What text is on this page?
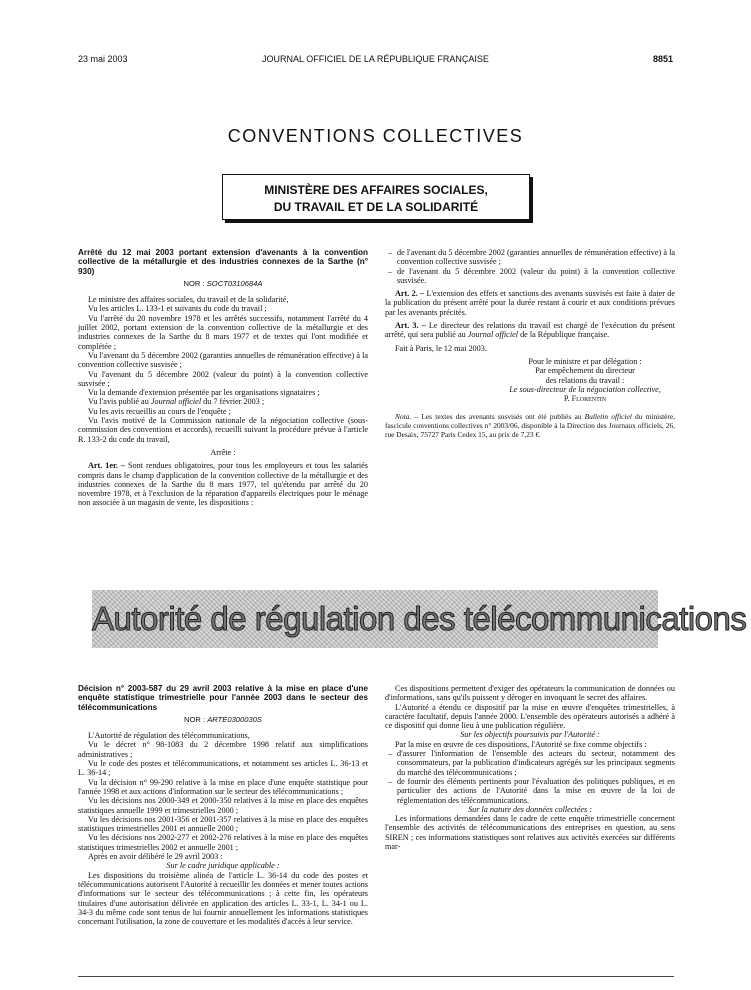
23 mai 2003	JOURNAL OFFICIEL DE LA RÉPUBLIQUE FRANÇAISE	8851
CONVENTIONS COLLECTIVES
MINISTÈRE DES AFFAIRES SOCIALES,
DU TRAVAIL ET DE LA SOLIDARITÉ

Arrêté du 12 mai 2003 portant extension d'avenants à la convention collective de la métallurgie et des industries connexes de la Sarthe (n° 930)

NOR : SOCT0310684A

Le ministre des affaires sociales, du travail et de la solidarité,

Vu les articles L. 133-1 et suivants du code du travail ;

Vu l'arrêté du 20 novembre 1978 et les arrêtés successifs, notamment l'arrêté du 4 juillet 2002, portant extension de la convention collective de la métallurgie et des industries connexes de la Sarthe du 8 mars 1977 et de textes qui l'ont modifiée et complétée ;

Vu l'avenant du 5 décembre 2002 (garanties annuelles de rémunération effective) à la convention collective susvisée ;

Vu l'avenant du 5 décembre 2002 (valeur du point) à la convention collective susvisée ;

Vu la demande d'extension présentée par les organisations signataires ;

Vu l'avis publié au Journal officiel du 7 février 2003 ;

Vu les avis recueillis au cours de l'enquête ;

Vu l'avis motivé de la Commission nationale de la négociation collective (sous-commission des conventions et accords), recueilli suivant la procédure prévue à l'article R. 133-2 du code du travail,

Arrête :

Art. 1er. – Sont rendues obligatoires, pour tous les employeurs et tous les salariés compris dans le champ d'application de la convention collective de la métallurgie et des industries connexes de la Sarthe du 8 mars 1977, tel qu'étendu par arrêté du 20 novembre 1978, et à l'exclusion de la réparation d'appareils électriques pour le ménage non associée à un magasin de vente, les dispositions :

– de l'avenant du 5 décembre 2002 (garanties annuelles de rémunération effective) à la convention collective susvisée ;
– de l'avenant du 5 décembre 2002 (valeur du point) à la convention collective susvisée.

Art. 2. – L'extension des effets et sanctions des avenants susvisés est faite à dater de la publication du présent arrêté pour la durée restant à courir et aux conditions prévues par les avenants précités.

Art. 3. – Le directeur des relations du travail est chargé de l'exécution du présent arrêté, qui sera publié au Journal officiel de la République française.

Fait à Paris, le 12 mai 2003.

Pour le ministre et par délégation :
Par empêchement du directeur
des relations du travail :
Le sous-directeur de la négociation collective,
P. Florentin

Nota. – Les textes des avenants susvisés ont été publiés au Bulletin officiel du ministère, fascicule conventions collectives n° 2003/06, disponible à la Direction des Journaux officiels, 26, rue Desaix, 75727 Paris Cedex 15, au prix de 7,23 €.

Autorité de régulation des télécommunications

Décision n° 2003-587 du 29 avril 2003 relative à la mise en place d'une enquête statistique trimestrielle pour l'année 2003 dans le secteur des télécommunications

NOR : ARTE0300030S

L'Autorité de régulation des télécommunications,

Vu le décret n° 98-1083 du 2 décembre 1998 relatif aux simplifications administratives ;

Vu le code des postes et télécommunications, et notamment ses articles L. 36-13 et L. 36-14 ;

Vu la décision n° 99-290 relative à la mise en place d'une enquête statistique pour l'année 1998 et aux actions d'information sur le secteur des télécommunications ;

Vu les décisions nos 2000-349 et 2000-350 relatives à la mise en place des enquêtes statistiques annuelle 1999 et trimestrielles 2000 ;

Vu les décisions nos 2001-356 et 2001-357 relatives à la mise en place des enquêtes statistiques trimestrielles 2001 et annuelle 2000 ;

Vu les décisions nos 2002-277 et 2002-276 relatives à la mise en place des enquêtes statistiques trimestrielles 2002 et annuelle 2001 ;

Après en avoir délibéré le 29 avril 2003 :

Sur le cadre juridique applicable :

Les dispositions du troisième alinéa de l'article L. 36-14 du code des postes et télécommunications autorisent l'Autorité à recueillir les données et mener toutes actions d'informations sur le secteur des télécommunications ; à cette fin, les opérateurs titulaires d'une autorisation délivrée en application des articles L. 33-1, L. 34-1 ou L. 34-3 du même code sont tenus de lui fournir annuellement les informations statistiques concernant l'utilisation, la zone de couverture et les modalités d'accès à leur service.

Ces dispositions permettent d'exiger des opérateurs la communication de données ou d'informations, sans qu'ils puissent y déroger en invoquant le secret des affaires.

L'Autorité a étendu ce dispositif par la mise en œuvre d'enquêtes trimestrielles, à caractère facultatif, depuis l'année 2000. L'ensemble des opérateurs autorisés a adhéré à ce dispositif qui donne lieu à une publication régulière.

Sur les objectifs poursuivis par l'Autorité :

Par la mise en œuvre de ces dispositions, l'Autorité se fixe comme objectifs :

– d'assurer l'information de l'ensemble des acteurs du secteur, notamment des consommateurs, par la publication d'indicateurs agrégés sur les principaux segments du marché des télécommunications ;
– de fournir des éléments pertinents pour l'évaluation des politiques publiques, et en particulier des actions de l'Autorité dans la mise en œuvre de la loi de réglementation des télécommunications.

Sur la nature des données collectées :

Les informations demandées dans le cadre de cette enquête trimestrielle concernent l'ensemble des activités de télécommunications des entreprises en question, au sens SIREN ; ces informations statistiques sont relatives aux activités exercées sur différents mar-
